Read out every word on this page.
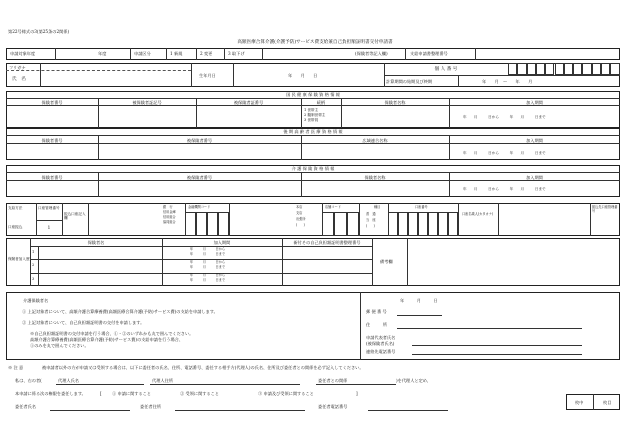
第22号様式の3(第25条の2関係)
高額医療合算介護(介護予防)サービス費支給兼自己負担額証明書交付申請書
申請対象年度	年度	申請区分	1 新規	2 変更	3 取下げ	(保険者等記入欄)	支給申請書整理番号
フリガナ
氏　名
生年月日	年　　月　　日
個 人 番 号
計算期間の始期及び終期	年　　月　〜　　年　　月
国 民 健 康 保 険 資 格 情 報
保険者番号	被保険者証記号	被保険者証番号	続柄
1 世帯主
2 擬制世帯主
3 世帯員
保険者名称	加入期間
年　　月　　　日から　　　年　　月　　　日まで
後 期 高 齢 者 医 療 資 格 情 報
保険者番号	被保険者番号	広域連合名称	加入期間
年　　月　　　日から　　　年　　月　　　日まで
介 護 保 険 資 格 情 報
保険者番号	被保険者番号	保険者名称	加入期間
年　　月　　　日から　　　年　　月　　　日まで
支給方法
口座振込
口座管理番号
1
振込口座記入欄
銀　行
信用金庫
信用組合
協同組合
金融機関コード	本店
支店
出張所
(　　)
店舗コード	種目
普　通
当　座
(　　)
口座番号
口座名義人(カタカナ)
振込先口座管理番号
保険者加入歴
保険者名	加入期間	新付その自己負担額証明書整理番号
備考欄
1
年　　　月　　　日から
年　　　月　　　日まで
2
年　　　月　　　日から
年　　　月　　　日まで
3
年　　　月　　　日から
年　　　月　　　日まで
介護保険者名
① 上記対象者について、高額介護合算療養費(高額医療合算介護(予防)サービス費)の支給を申請します。
② 上記対象者について、自己負担額証明書の交付を申請します。
※自己負担額証明書の交付申請を行う場合、①・②のいずれかも丸で囲んでください。
高額介護合算療養費(高額医療合算介護(予防)サービス費)の支給申請を行う場合、
①のみを丸で囲んでください。
年　　　月　　　日
郵 便 番 号
住　　　所
申請代表者氏名
(被保険者氏名)
連絡先電話番号
※ 注 意	被申請者以外の方が申請又は受領する場合は、以下に委任者の氏名、住所、電話番号、委任する相手方(代理人)の氏名、住所及び委任者との関係を必ず記入してください。
私は、右の者(	代理人氏名	代理人住所	委任者との関係	)を代理人と定め、
本申請に係る次の権限を委任します。	[ ① 申請に関すること	② 受領に関すること	③ 申請及び受領に関すること	]
委任者氏名	委任者住所	委任者電話番号
枚中	枚目
